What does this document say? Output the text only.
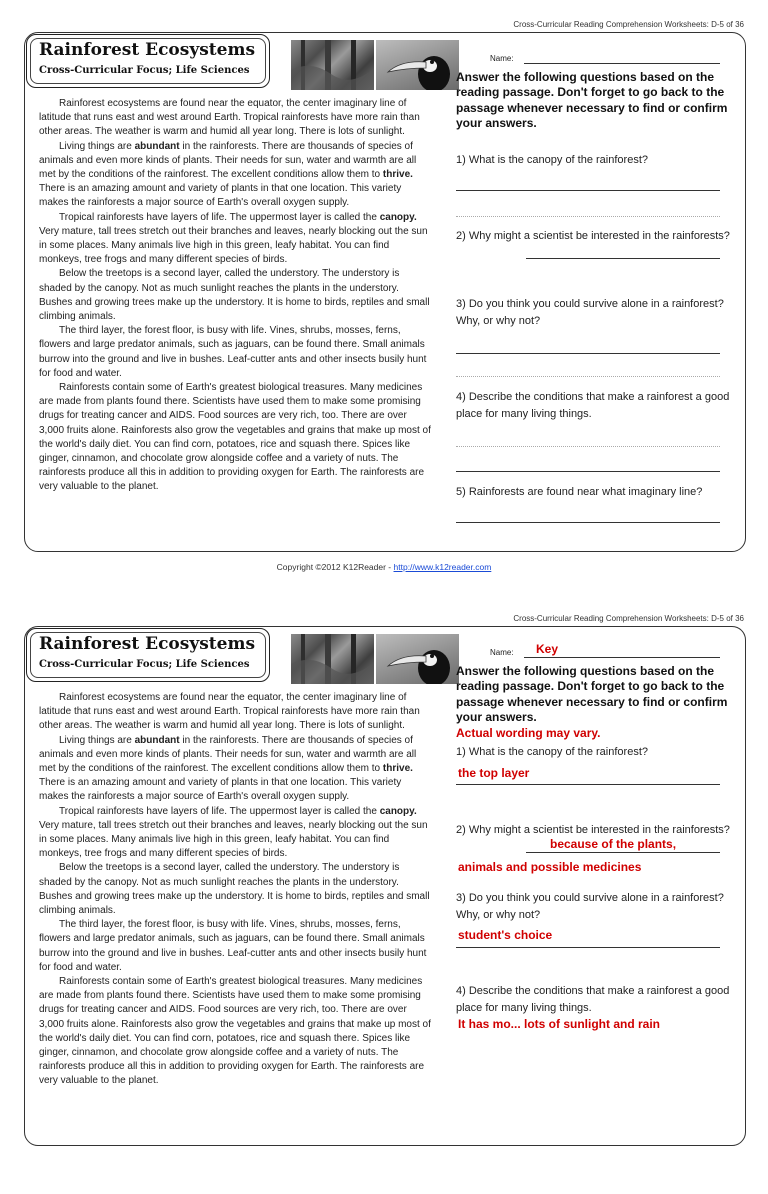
Cross-Curricular Reading Comprehension Worksheets: D-5 of 36
Rainforest Ecosystems
Cross-Curricular Focus; Life Sciences

Rainforest ecosystems are found near the equator, the center imaginary line of latitude that runs east and west around Earth. Tropical rainforests have more rain than other areas. The weather is warm and humid all year long. There is lots of sunlight.

Living things are abundant in the rainforests. There are thousands of species of animals and even more kinds of plants. Their needs for sun, water and warmth are all met by the conditions of the rainforest. The excellent conditions allow them to thrive. There is an amazing amount and variety of plants in that one location. This variety makes the rainforests a major source of Earth's overall oxygen supply.

Tropical rainforests have layers of life. The uppermost layer is called the canopy. Very mature, tall trees stretch out their branches and leaves, nearly blocking out the sun in some places. Many animals live high in this green, leafy habitat. You can find monkeys, tree frogs and many different species of birds.

Below the treetops is a second layer, called the understory. The understory is shaded by the canopy. Not as much sunlight reaches the plants in the understory. Bushes and growing trees make up the understory. It is home to birds, reptiles and small climbing animals.

The third layer, the forest floor, is busy with life. Vines, shrubs, mosses, ferns, flowers and large predator animals, such as jaguars, can be found there. Small animals burrow into the ground and live in bushes. Leaf-cutter ants and other insects busily hunt for food and water.

Rainforests contain some of Earth's greatest biological treasures. Many medicines are made from plants found there. Scientists have used them to make some promising drugs for treating cancer and AIDS. Food sources are very rich, too. There are over 3,000 fruits alone. Rainforests also grow the vegetables and grains that make up most of the world's daily diet. You can find corn, potatoes, rice and squash there. Spices like ginger, cinnamon, and chocolate grow alongside coffee and a variety of nuts. The rainforests produce all this in addition to providing oxygen for Earth. The rainforests are very valuable to the planet.

Name:
Answer the following questions based on the reading passage. Don't forget to go back to the passage whenever necessary to find or confirm your answers.
1) What is the canopy of the rainforest?
2) Why might a scientist be interested in the rainforests?
3) Do you think you could survive alone in a rainforest? Why, or why not?
4) Describe the conditions that make a rainforest a good place for many living things.
5) Rainforests are found near what imaginary line?
Copyright ©2012 K12Reader - http://www.k12reader.com
Cross-Curricular Reading Comprehension Worksheets: D-5 of 36
Rainforest Ecosystems
Cross-Curricular Focus; Life Sciences

Rainforest ecosystems are found near the equator, the center imaginary line of latitude that runs east and west around Earth. Tropical rainforests have more rain than other areas. The weather is warm and humid all year long. There is lots of sunlight.

Living things are abundant in the rainforests. There are thousands of species of animals and even more kinds of plants. Their needs for sun, water and warmth are all met by the conditions of the rainforest. The excellent conditions allow them to thrive. There is an amazing amount and variety of plants in that one location. This variety makes the rainforests a major source of Earth's overall oxygen supply.

Tropical rainforests have layers of life. The uppermost layer is called the canopy. Very mature, tall trees stretch out their branches and leaves, nearly blocking out the sun in some places. Many animals live high in this green, leafy habitat. You can find monkeys, tree frogs and many different species of birds.

Below the treetops is a second layer, called the understory. The understory is shaded by the canopy. Not as much sunlight reaches the plants in the understory. Bushes and growing trees make up the understory. It is home to birds, reptiles and small climbing animals.

The third layer, the forest floor, is busy with life. Vines, shrubs, mosses, ferns, flowers and large predator animals, such as jaguars, can be found there. Small animals burrow into the ground and live in bushes. Leaf-cutter ants and other insects busily hunt for food and water.

Rainforests contain some of Earth's greatest biological treasures. Many medicines are made from plants found there. Scientists have used them to make some promising drugs for treating cancer and AIDS. Food sources are very rich, too. There are over 3,000 fruits alone. Rainforests also grow the vegetables and grains that make up most of the world's daily diet. You can find corn, potatoes, rice and squash there. Spices like ginger, cinnamon, and chocolate grow alongside coffee and a variety of nuts. The rainforests produce all this in addition to providing oxygen for Earth. The rainforests are very valuable to the planet.

Name: Key
Answer the following questions based on the reading passage. Don't forget to go back to the passage whenever necessary to find or confirm your answers.
Actual wording may vary.
1) What is the canopy of the rainforest?
the top layer
2) Why might a scientist be interested in the rainforests?
because of the plants,
animals and possible medicines
3) Do you think you could survive alone in a rainforest? Why, or why not?
student's choice
4) Describe the conditions that make a rainforest a good place for many living things.
It has mo... lots of sunlight and rain
